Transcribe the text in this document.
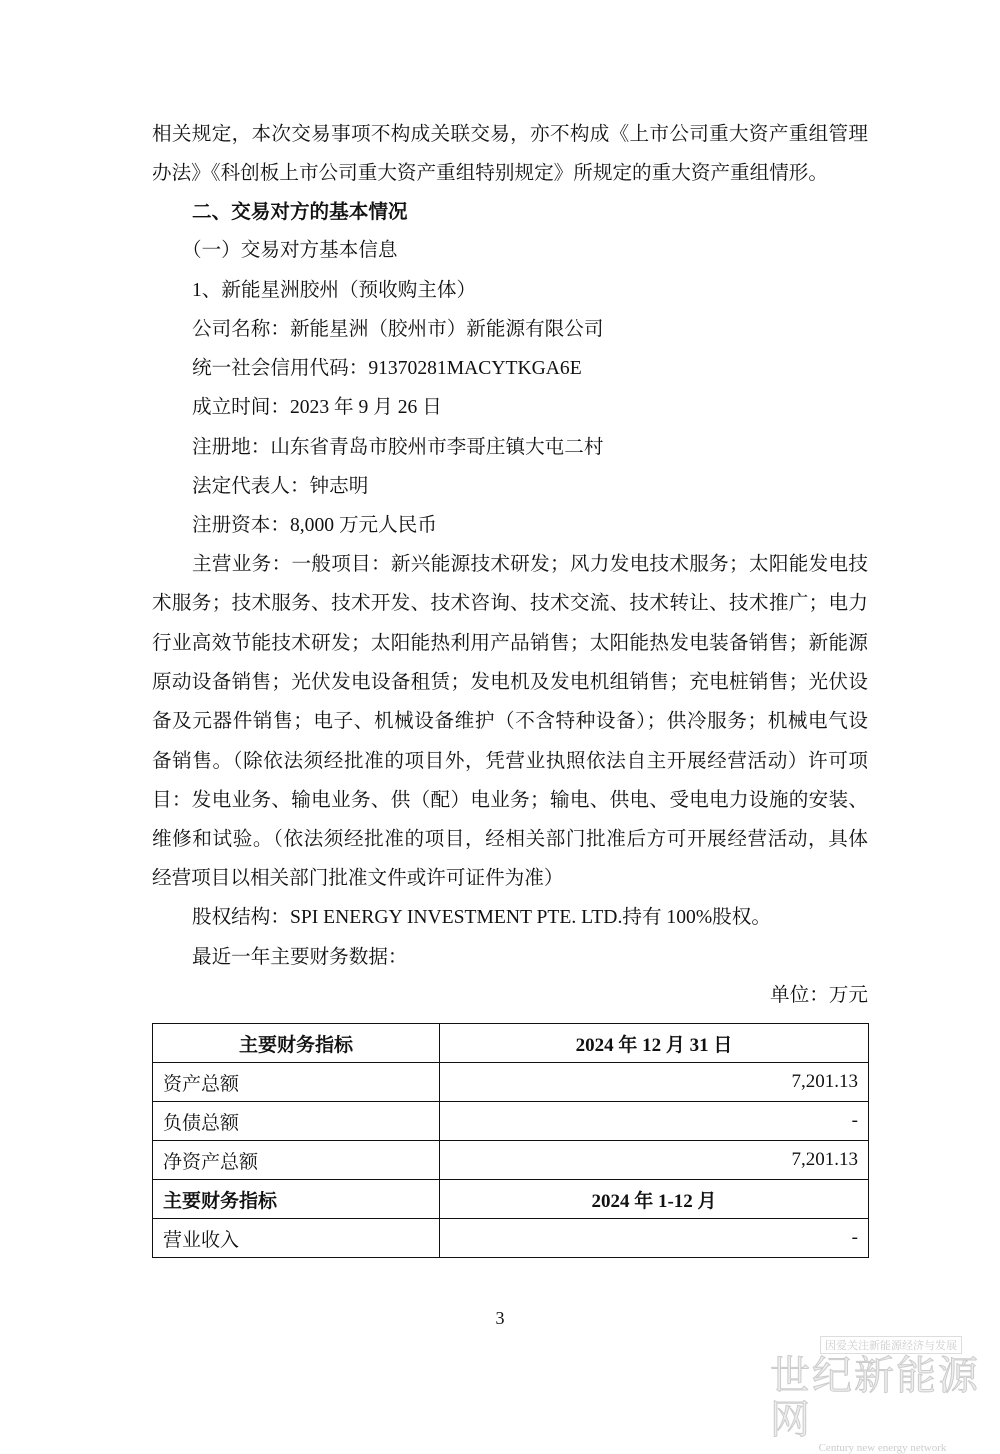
相关规定，本次交易事项不构成关联交易，亦不构成《上市公司重大资产重组管理
办法》《科创板上市公司重大资产重组特别规定》所规定的重大资产重组情形。
二、交易对方的基本情况
（一）交易对方基本信息
1、新能星洲胶州（预收购主体）
公司名称：新能星洲（胶州市）新能源有限公司
统一社会信用代码：91370281MACYTKGA6E
成立时间：2023 年 9 月 26 日
注册地：山东省青岛市胶州市李哥庄镇大屯二村
法定代表人：钟志明
注册资本：8,000 万元人民币
主营业务：一般项目：新兴能源技术研发；风力发电技术服务；太阳能发电技
术服务；技术服务、技术开发、技术咨询、技术交流、技术转让、技术推广；电力
行业高效节能技术研发；太阳能热利用产品销售；太阳能热发电装备销售；新能源
原动设备销售；光伏发电设备租赁；发电机及发电机组销售；充电桩销售；光伏设
备及元器件销售；电子、机械设备维护（不含特种设备）；供冷服务；机械电气设
备销售。（除依法须经批准的项目外，凭营业执照依法自主开展经营活动）许可项
目：发电业务、输电业务、供（配）电业务；输电、供电、受电电力设施的安装、
维修和试验。（依法须经批准的项目，经相关部门批准后方可开展经营活动，具体
经营项目以相关部门批准文件或许可证件为准）
股权结构：SPI ENERGY INVESTMENT PTE. LTD.持有 100%股权。
最近一年主要财务数据：
单位：万元
主要财务指标	2024 年 12 月 31 日
资产总额	7,201.13
负债总额	-
净资产总额	7,201.13
主要财务指标	2024 年 1-12 月
营业收入	-
3
因爱关注新能源经济与发展
世纪新能源网
Century new energy network
